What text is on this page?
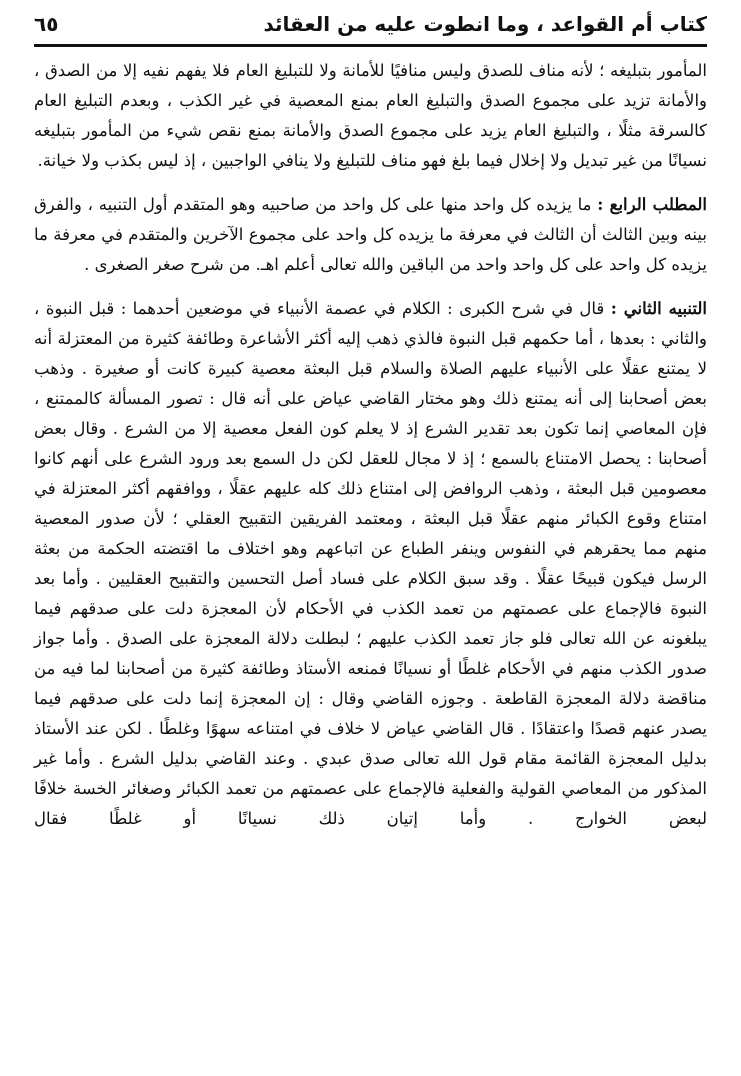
كتاب أم القواعد ، وما انطوت عليه من العقائد
٦٥

المأمور بتبليغه ؛ لأنه مناف للصدق وليس منافيًا للأمانة ولا للتبليغ العام فلا يفهم نفيه إلا من الصدق ، والأمانة تزيد على مجموع الصدق والتبليغ العام بمنع المعصية في غير الكذب ، وبعدم التبليغ العام كالسرقة مثلًا ، والتبليغ العام يزيد على مجموع الصدق والأمانة بمنع نقص شيء من المأمور بتبليغه نسيانًا من غير تبديل ولا إخلال فيما بلغ فهو مناف للتبليغ ولا ينافي الواجبين ، إذ ليس بكذب ولا خيانة.

المطلب الرابع : ما يزيده كل واحد منها على كل واحد من صاحبيه وهو المتقدم أول التنبيه ، والفرق بينه وبين الثالث أن الثالث في معرفة ما يزيده كل واحد على مجموع الآخرين والمتقدم في معرفة ما يزيده كل واحد على كل واحد واحد من الباقين والله تعالى أعلم اهـ. من شرح صغر الصغرى .

التنبيه الثاني : قال في شرح الكبرى : الكلام في عصمة الأنبياء في موضعين أحدهما : قبل النبوة ، والثاني : بعدها ، أما حكمهم قبل النبوة فالذي ذهب إليه أكثر الأشاعرة وطائفة كثيرة من المعتزلة أنه لا يمتنع عقلًا على الأنبياء عليهم الصلاة والسلام قبل البعثة معصية كبيرة كانت أو صغيرة . وذهب بعض أصحابنا إلى أنه يمتنع ذلك وهو مختار القاضي عياض على أنه قال : تصور المسألة كالممتنع ، فإن المعاصي إنما تكون بعد تقدير الشرع إذ لا يعلم كون الفعل معصية إلا من الشرع . وقال بعض أصحابنا : يحصل الامتناع بالسمع ؛ إذ لا مجال للعقل لكن دل السمع بعد ورود الشرع على أنهم كانوا معصومين قبل البعثة ، وذهب الروافض إلى امتناع ذلك كله عليهم عقلًا ، ووافقهم أكثر المعتزلة في امتناع وقوع الكبائر منهم عقلًا قبل البعثة ، ومعتمد الفريقين التقبيح العقلي ؛ لأن صدور المعصية منهم مما يحقرهم في النفوس وينفر الطباع عن اتباعهم وهو اختلاف ما اقتضته الحكمة من بعثة الرسل فيكون قبيحًا عقلًا . وقد سبق الكلام على فساد أصل التحسين والتقبيح العقليين . وأما بعد النبوة فالإجماع على عصمتهم من تعمد الكذب في الأحكام لأن المعجزة دلت على صدقهم فيما يبلغونه عن الله تعالى فلو جاز تعمد الكذب عليهم ؛ لبطلت دلالة المعجزة على الصدق . وأما جواز صدور الكذب منهم في الأحكام غلطًا أو نسيانًا فمنعه الأستاذ وطائفة كثيرة من أصحابنا لما فيه من مناقضة دلالة المعجزة القاطعة . وجوزه القاضي وقال : إن المعجزة إنما دلت على صدقهم فيما يصدر عنهم قصدًا واعتقادًا . قال القاضي عياض لا خلاف في امتناعه سهوًا وغلطًا . لكن عند الأستاذ بدليل المعجزة القائمة مقام قول الله تعالى صدق عبدي . وعند القاضي بدليل الشرع . وأما غير المذكور من المعاصي القولية والفعلية فالإجماع على عصمتهم من تعمد الكبائر وصغائر الخسة خلافًا لبعض الخوارج . وأما إتيان ذلك نسيانًا أو غلطًا فقال
